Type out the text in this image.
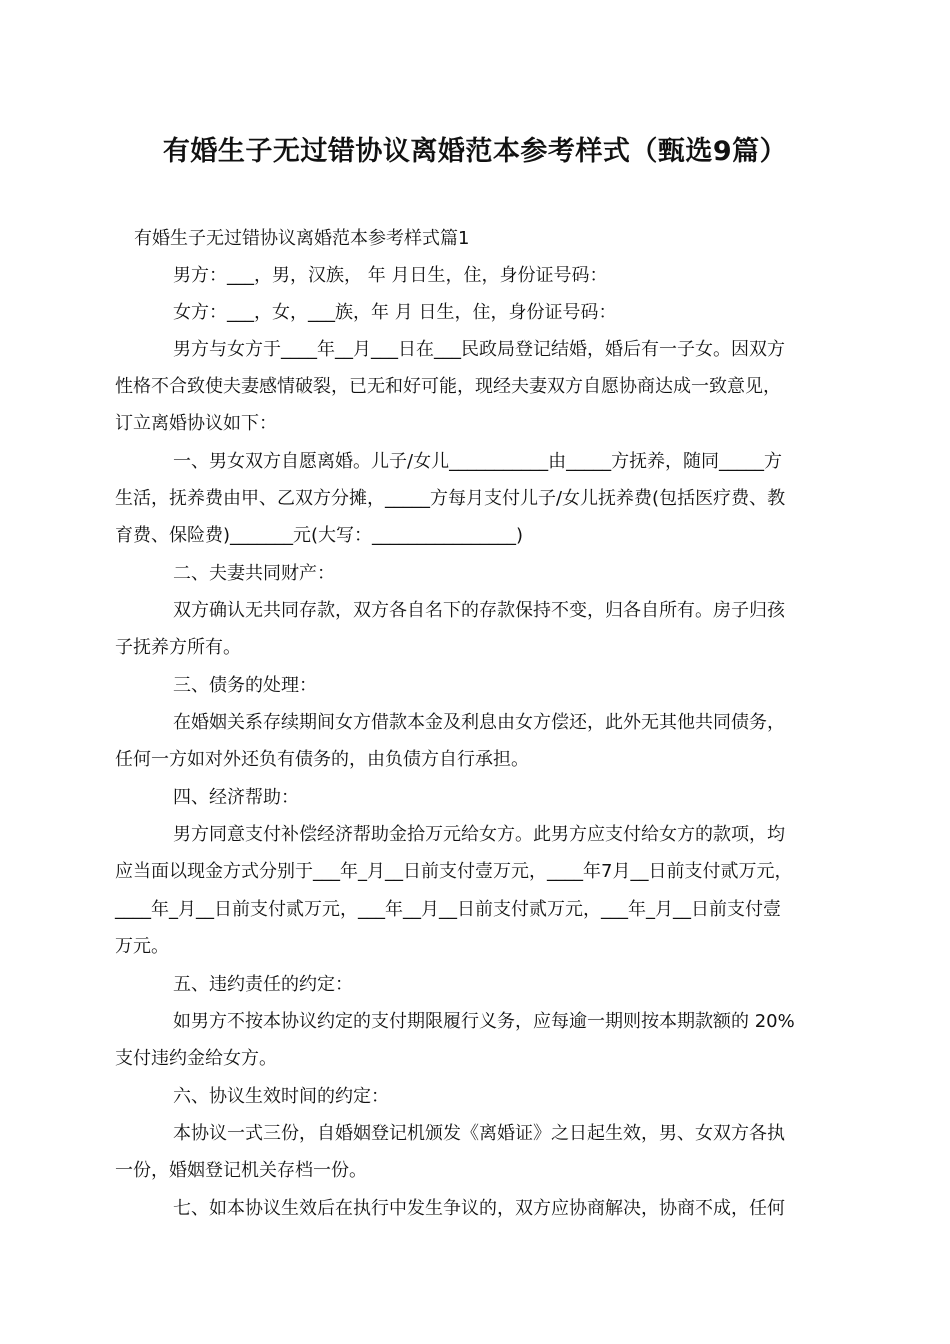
有婚生子无过错协议离婚范本参考样式（甄选9篇）
有婚生子无过错协议离婚范本参考样式篇1
男方：___，男，汉族， 年 月日生，住，身份证号码：
女方：___，女，___族，年 月 日生，住，身份证号码：
男方与女方于____年__月___日在___民政局登记结婚，婚后有一子女。因双方
性格不合致使夫妻感情破裂，已无和好可能，现经夫妻双方自愿协商达成一致意见，
订立离婚协议如下：
一、男女双方自愿离婚。儿子/女儿___________由_____方抚养，随同_____方
生活，抚养费由甲、乙双方分摊，_____方每月支付儿子/女儿抚养费(包括医疗费、教
育费、保险费)_______元(大写：________________)
二、夫妻共同财产：
双方确认无共同存款，双方各自名下的存款保持不变，归各自所有。房子归孩
子抚养方所有。
三、债务的处理：
在婚姻关系存续期间女方借款本金及利息由女方偿还，此外无其他共同债务，
任何一方如对外还负有债务的，由负债方自行承担。
四、经济帮助：
男方同意支付补偿经济帮助金拾万元给女方。此男方应支付给女方的款项，均
应当面以现金方式分别于___年_月__日前支付壹万元，____年7月__日前支付贰万元，
____年_月__日前支付贰万元，___年__月__日前支付贰万元，___年_月__日前支付壹
万元。
五、违约责任的约定：
如男方不按本协议约定的支付期限履行义务，应每逾一期则按本期款额的 20%
支付违约金给女方。
六、协议生效时间的约定：
本协议一式三份，自婚姻登记机颁发《离婚证》之日起生效，男、女双方各执
一份，婚姻登记机关存档一份。
七、如本协议生效后在执行中发生争议的，双方应协商解决，协商不成，任何
